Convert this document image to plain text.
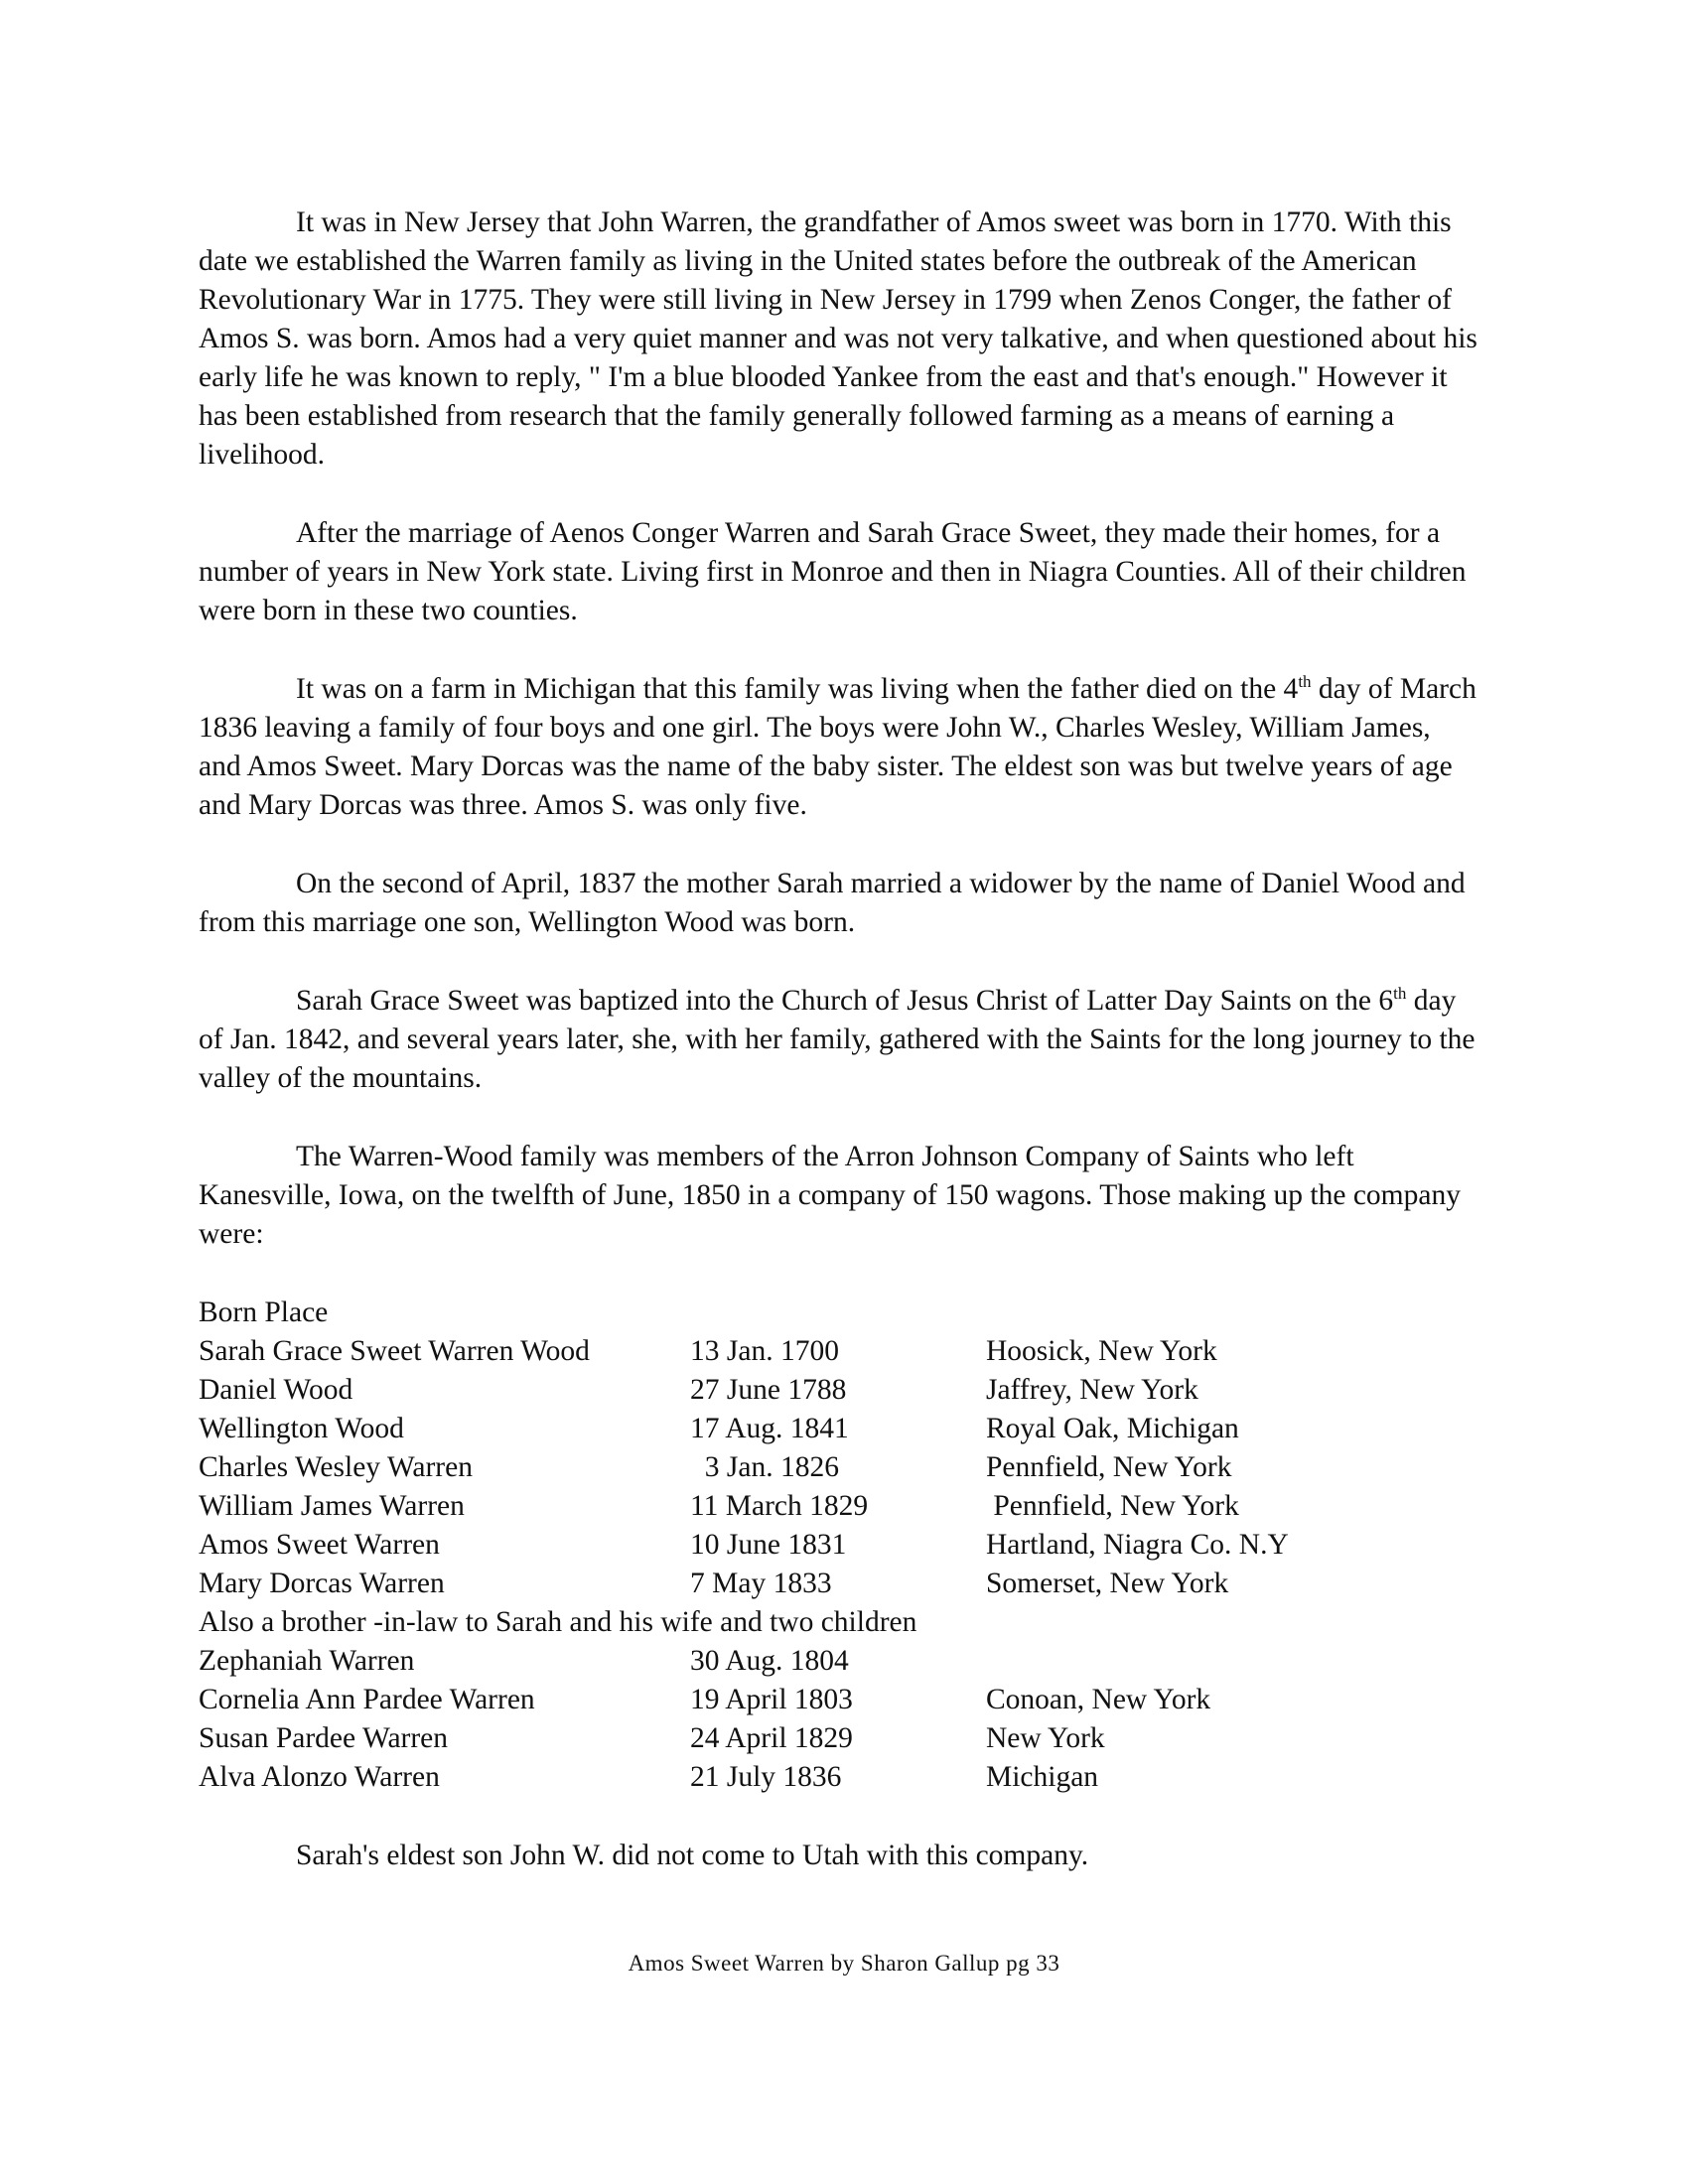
It was in New Jersey that John Warren, the grandfather of Amos sweet was born in 1770. With this date we established the Warren family as living in the United states before the outbreak of the American Revolutionary War in 1775. They were still living in New Jersey in 1799 when Zenos Conger, the father of Amos S. was born. Amos had a very quiet manner and was not very talkative, and when questioned about his early life he was known to reply, " I'm a blue blooded Yankee from the east and that's enough." However it has been established from research that the family generally followed farming as a means of earning a livelihood.

After the marriage of Aenos Conger Warren and Sarah Grace Sweet, they made their homes, for a number of years in New York state. Living first in Monroe and then in Niagra Counties. All of their children were born in these two counties.

It was on a farm in Michigan that this family was living when the father died on the 4th day of March 1836 leaving a family of four boys and one girl. The boys were John W., Charles Wesley, William James, and Amos Sweet. Mary Dorcas was the name of the baby sister. The eldest son was but twelve years of age and Mary Dorcas was three. Amos S. was only five.

On the second of April, 1837 the mother Sarah married a widower by the name of Daniel Wood and from this marriage one son, Wellington Wood was born.

Sarah Grace Sweet was baptized into the Church of Jesus Christ of Latter Day Saints on the 6th day of Jan. 1842, and several years later, she, with her family, gathered with the Saints for the long journey to the valley of the mountains.

The Warren-Wood family was members of the Arron Johnson Company of Saints who left Kanesville, Iowa, on the twelfth of June, 1850 in a company of 150 wagons. Those making up the company were:

Born Place
Sarah Grace Sweet Warren Wood	13 Jan. 1700	Hoosick, New York
Daniel Wood	27 June 1788	Jaffrey, New York
Wellington Wood	17 Aug. 1841	Royal Oak, Michigan
Charles Wesley Warren	3 Jan. 1826	Pennfield, New York
William James Warren	11 March 1829	Pennfield, New York
Amos Sweet Warren	10 June 1831	Hartland, Niagra Co. N.Y
Mary Dorcas Warren	7 May 1833	Somerset, New York
Also a brother -in-law to Sarah and his wife and two children
Zephaniah Warren	30 Aug. 1804
Cornelia Ann Pardee Warren	19 April 1803	Conoan, New York
Susan Pardee Warren	24 April 1829	New York
Alva Alonzo Warren	21 July 1836	Michigan

Sarah's eldest son John W. did not come to Utah with this company.

Amos Sweet Warren by Sharon Gallup pg 33
